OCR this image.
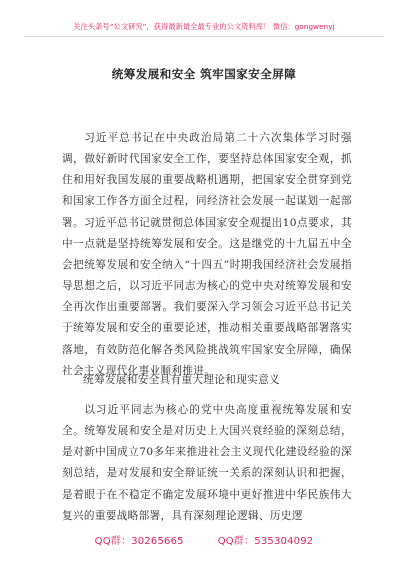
关注头条号“公文研究”，获得最新最全最专业的公文资料库！ 微信：gongwenyj
统筹发展和安全 筑牢国家安全屏障
习近平总书记在中央政治局第二十六次集体学习时强调，做好新时代国家安全工作，要坚持总体国家安全观，抓住和用好我国发展的重要战略机遇期，把国家安全贯穿到党和国家工作各方面全过程，同经济社会发展一起谋划一起部署。习近平总书记就贯彻总体国家安全观提出10点要求，其中一点就是坚持统筹发展和安全。这是继党的十九届五中全会把统筹发展和安全纳入“十四五”时期我国经济社会发展指导思想之后，以习近平同志为核心的党中央对统筹发展和安全再次作出重要部署。我们要深入学习领会习近平总书记关于统筹发展和安全的重要论述，推动相关重要战略部署落实落地，有效防范化解各类风险挑战筑牢国家安全屏障，确保社会主义现代化事业顺利推进。
统筹发展和安全具有重大理论和现实意义
以习近平同志为核心的党中央高度重视统筹发展和安全。统筹发展和安全是对历史上大国兴衰经验的深刻总结，是对新中国成立70多年来推进社会主义现代化建设经验的深刻总结，是对发展和安全辩证统一关系的深刻认识和把握，是着眼于在不稳定不确定发展环境中更好推进中华民族伟大复兴的重要战略部署，具有深刻理论逻辑、历史逻
QQ群：30265665	QQ群：535304092
